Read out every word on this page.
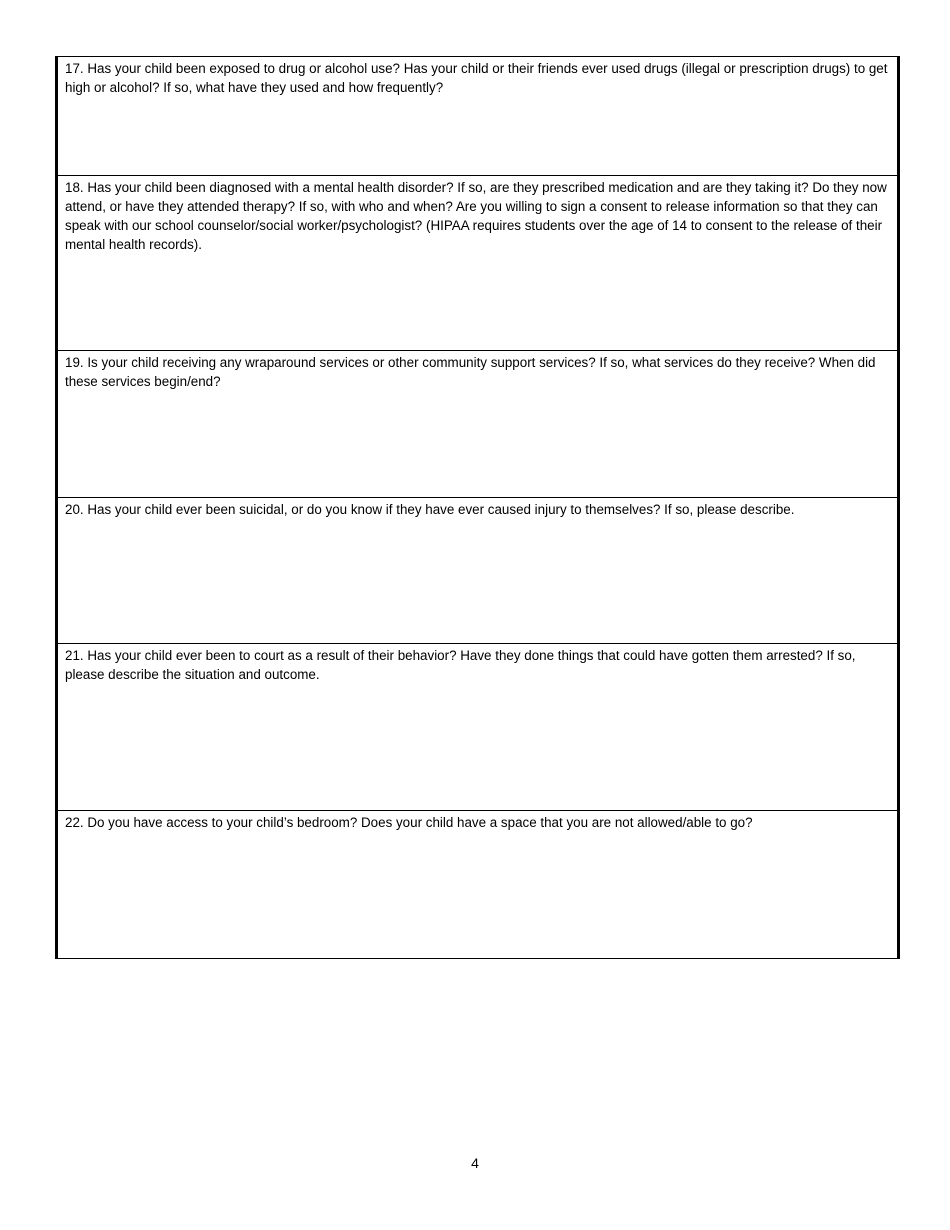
17. Has your child been exposed to drug or alcohol use? Has your child or their friends ever used drugs (illegal or prescription drugs) to get high or alcohol? If so, what have they used and how frequently?
18. Has your child been diagnosed with a mental health disorder? If so, are they prescribed medication and are they taking it? Do they now attend, or have they attended therapy? If so, with who and when? Are you willing to sign a consent to release information so that they can speak with our school counselor/social worker/psychologist? (HIPAA requires students over the age of 14 to consent to the release of their mental health records).
19. Is your child receiving any wraparound services or other community support services? If so, what services do they receive? When did these services begin/end?
20. Has your child ever been suicidal, or do you know if they have ever caused injury to themselves? If so, please describe.
21. Has your child ever been to court as a result of their behavior? Have they done things that could have gotten them arrested? If so, please describe the situation and outcome.
22. Do you have access to your child’s bedroom? Does your child have a space that you are not allowed/able to go?
4
